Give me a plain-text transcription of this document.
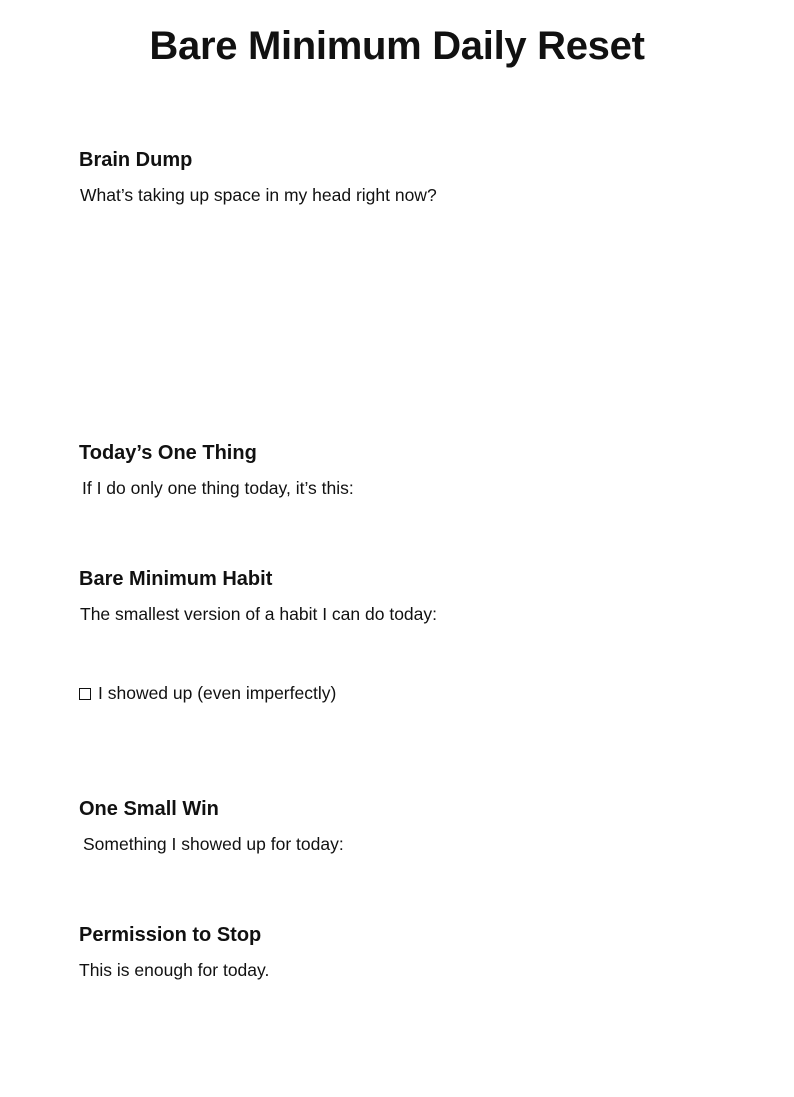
Bare Minimum Daily Reset
Brain Dump

What’s taking up space in my head right now?

Today’s One Thing

If I do only one thing today, it’s this:

Bare Minimum Habit

The smallest version of a habit I can do today:

I showed up (even imperfectly)
One Small Win

Something I showed up for today:

Permission to Stop

This is enough for today.
